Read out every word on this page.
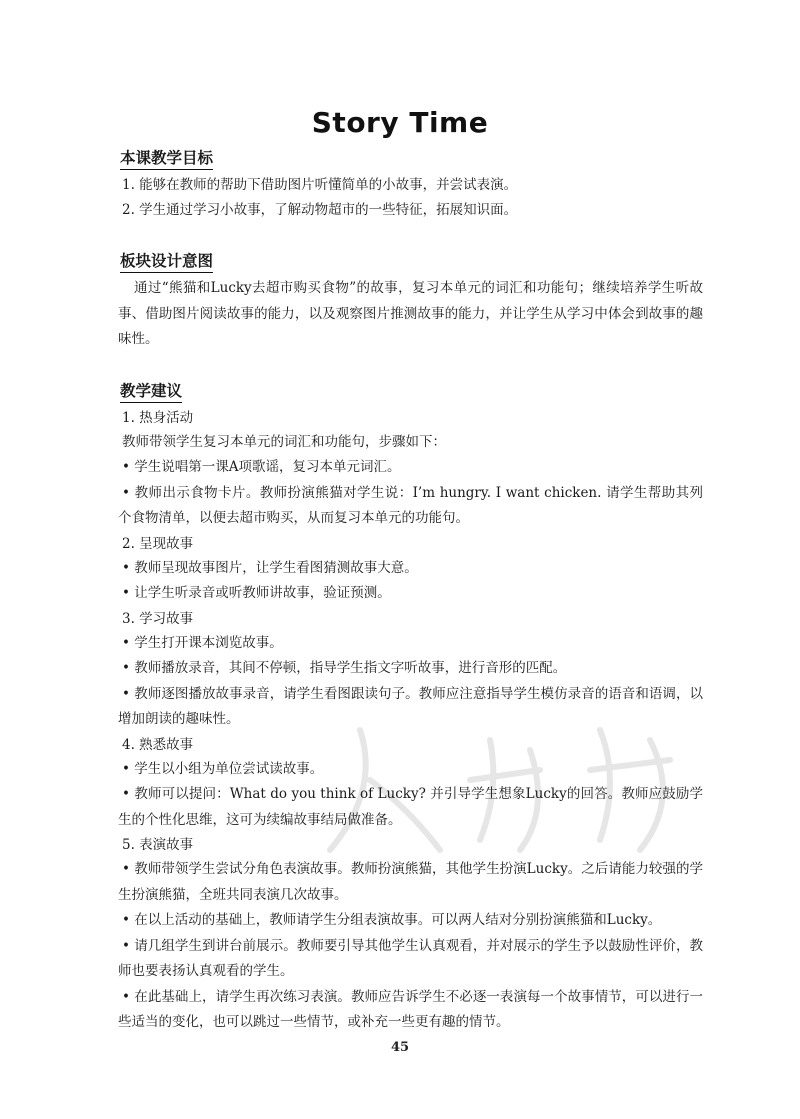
Story Time
本课教学目标

1. 能够在教师的帮助下借助图片听懂简单的小故事，并尝试表演。

2. 学生通过学习小故事，了解动物超市的一些特征，拓展知识面。

板块设计意图

通过“熊猫和Lucky去超市购买食物”的故事，复习本单元的词汇和功能句；继续培养学生听故事、借助图片阅读故事的能力，以及观察图片推测故事的能力，并让学生从学习中体会到故事的趣味性。

教学建议

1. 热身活动

教师带领学生复习本单元的词汇和功能句，步骤如下：

• 学生说唱第一课A项歌谣，复习本单元词汇。

• 教师出示食物卡片。教师扮演熊猫对学生说：I’m hungry. I want chicken. 请学生帮助其列个食物清单，以便去超市购买，从而复习本单元的功能句。

2. 呈现故事

• 教师呈现故事图片，让学生看图猜测故事大意。

• 让学生听录音或听教师讲故事，验证预测。

3. 学习故事

• 学生打开课本浏览故事。

• 教师播放录音，其间不停顿，指导学生指文字听故事，进行音形的匹配。

• 教师逐图播放故事录音，请学生看图跟读句子。教师应注意指导学生模仿录音的语音和语调，以增加朗读的趣味性。

4. 熟悉故事

• 学生以小组为单位尝试读故事。

• 教师可以提问：What do you think of Lucky? 并引导学生想象Lucky的回答。教师应鼓励学生的个性化思维，这可为续编故事结局做准备。

5. 表演故事

• 教师带领学生尝试分角色表演故事。教师扮演熊猫，其他学生扮演Lucky。之后请能力较强的学生扮演熊猫，全班共同表演几次故事。

• 在以上活动的基础上，教师请学生分组表演故事。可以两人结对分别扮演熊猫和Lucky。

• 请几组学生到讲台前展示。教师要引导其他学生认真观看，并对展示的学生予以鼓励性评价，教师也要表扬认真观看的学生。

• 在此基础上，请学生再次练习表演。教师应告诉学生不必逐一表演每一个故事情节，可以进行一些适当的变化，也可以跳过一些情节，或补充一些更有趣的情节。

45
